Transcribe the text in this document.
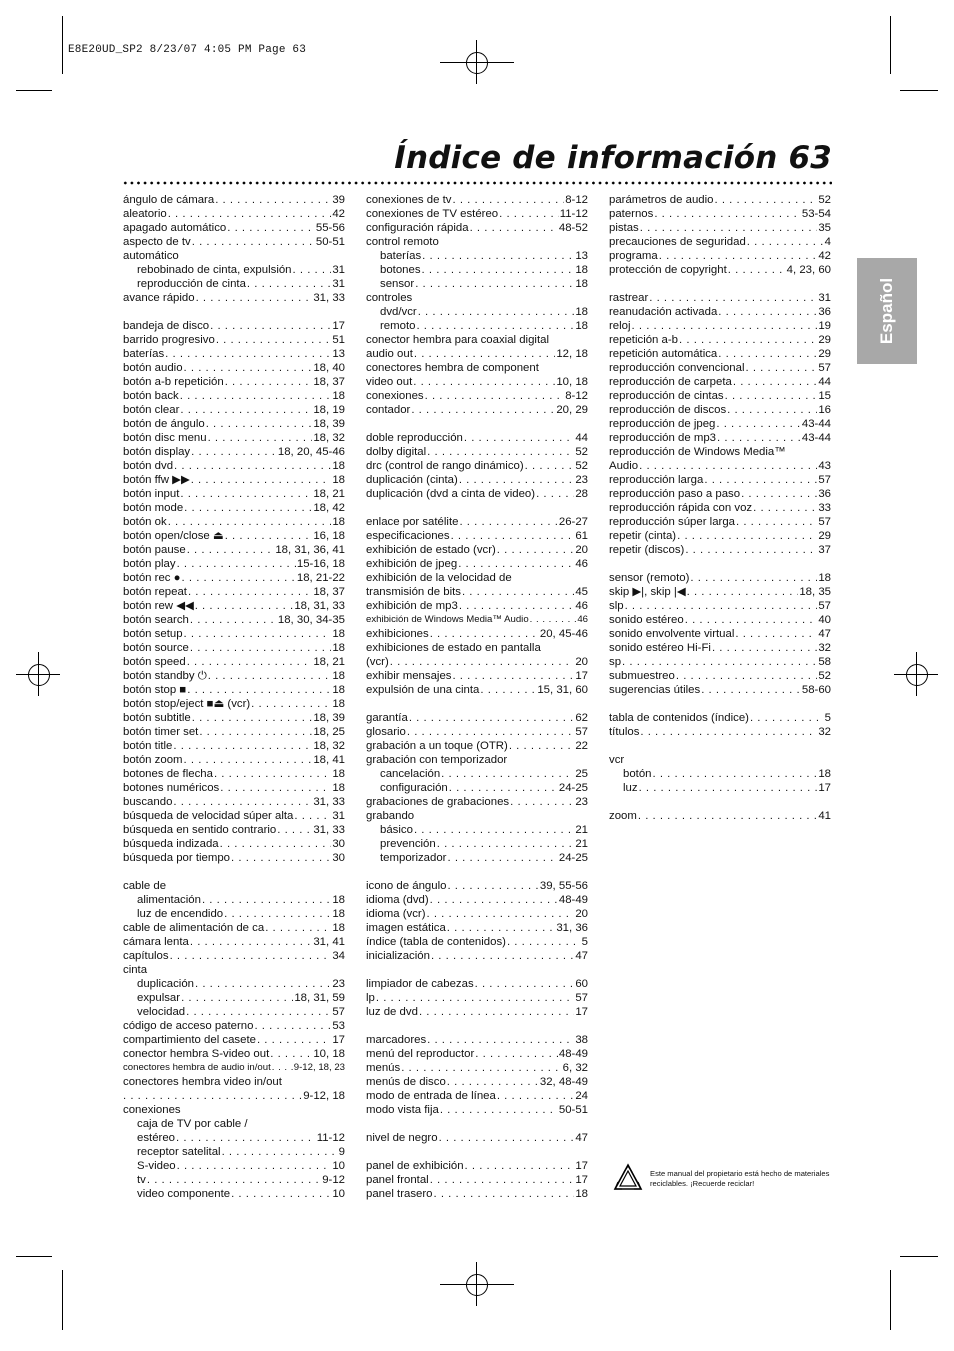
E8E20UD_SP2 8/23/07 4:05 PM Page 63
Índice de información 63
Español
ángulo de cámara . . .	39
aleatorio . . .	42
apagado automático . . .	55-56
aspecto de tv . . .	50-51
automático
rebobinado de cinta, expulsión . . .	31
reproducción de cinta . . .	31
avance rápido . . .	31, 33
bandeja de disco . . .	17
barrido progresivo . . .	51
baterías . . .	13
botón audio . . .	18, 40
botón a-b repetición . . .	18, 37
botón back . . .	18
botón clear . . .	18, 19
botón de ángulo . . .	18, 39
botón disc menu . . .	18, 32
botón display . . .	18, 20, 45-46
botón dvd . . .	18
botón ffw ▶▶ . . .	18
botón input . . .	18, 21
botón mode . . .	18, 42
botón ok . . .	18
botón open/close ⏏ . . .	16, 18
botón pause . . .	18, 31, 36, 41
botón play . . .	15-16, 18
botón rec ● . . .	18, 21-22
botón repeat . . .	18, 37
botón rew ◀◀ . . .	18, 31, 33
botón search . . .	18, 30, 34-35
botón setup . . .	18
botón source . . .	18
botón speed . . .	18, 21
botón standby ⏻ . . .	18
botón stop ■ . . .	18
botón stop/eject ■⏏ (vcr) . . .	18
botón subtitle . . .	18, 39
botón timer set . . .	18, 25
botón title . . .	18, 32
botón zoom . . .	18, 41
botones de flecha . . .	18
botones numéricos . . .	18
buscando . . .	31, 33
búsqueda de velocidad súper alta . . .	31
búsqueda en sentido contrario . . .	31, 33
búsqueda indizada . . .	30
búsqueda por tiempo . . .	30
cable de
alimentación . . .	18
luz de encendido . . .	18
cable de alimentación de ca . . .	18
cámara lenta . . .	31, 41
capítulos . . .	34
cinta
duplicación . . .	23
expulsar . . .	18, 31, 59
velocidad . . .	57
código de acceso paterno . . .	53
compartimiento del casete . . .	17
conector hembra S-video out . . .	10, 18
conectores hembra de audio in/out . . . 9-12, 18, 23
conectores hembra video in/out
. . .
9-12, 18
conexiones
caja de TV por cable /
estéreo . . .	11-12
receptor satelital . . .	9
S-video . . .	10
tv . . .	9-12
video componente . . .	10
conexiones de tv . . .	8-12
conexiones de TV estéreo . . .	11-12
configuración rápida . . .	48-52
control remoto
baterías . . .	13
botones . . .	18
sensor . . .	18
controles
dvd/vcr . . .	18
remoto . . .	18
conector hembra para coaxial digital
audio out . . .	12, 18
conectores hembra de component
video out . . .	10, 18
conexiones . . .	8-12
contador . . .	20, 29
doble reproducción . . .	44
dolby digital . . .	52
drc (control de rango dinámico) . . .	52
duplicación (cinta) . . .	23
duplicación (dvd a cinta de video) . . .	28
enlace por satélite . . .	26-27
especificaciones . . .	61
exhibición de estado (vcr) . . .	20
exhibición de jpeg . . .	46
exhibición de la velocidad de
transmisión de bits . . .	45
exhibición de mp3 . . .	46
exhibición de Windows Media™ Audio . . .	46
exhibiciones . . .	20, 45-46
exhibiciones de estado en pantalla
(vcr) . . .	20
exhibir mensajes . . .	17
expulsión de una cinta . . .	15, 31, 60
garantía . . .	62
glosario . . .	57
grabación a un toque (OTR) . . .	22
grabación con temporizador
cancelación . . .	25
configuración . . .	24-25
grabaciones de grabaciones . . .	23
grabando
básico . . .	21
prevención . . .	21
temporizador . . .	24-25
icono de ángulo . . .	39, 55-56
idioma (dvd) . . .	48-49
idioma (vcr) . . .	20
imagen estática . . .	31, 36
índice (tabla de contenidos) . . .	5
inicialización . . .	47
limpiador de cabezas . . .	60
lp . . .	57
luz de dvd . . .	17
marcadores . . .	38
menú del reproductor . . .	48-49
menús . . .	6, 32
menús de disco . . .	32, 48-49
modo de entrada de línea . . .	24
modo vista fija . . .	50-51
nivel de negro . . .	47
panel de exhibición . . .	17
panel frontal . . .	17
panel trasero . . .	18
parámetros de audio . . .	52
paternos . . .	53-54
pistas . . .	35
precauciones de seguridad . . .	4
programa . . .	42
protección de copyright . . .	4, 23, 60
rastrear . . .	31
reanudación activada . . .	36
reloj . . .	19
repetición a-b . . .	29
repetición automática . . .	29
reproducción convencional . . .	57
reproducción de carpeta . . .	44
reproducción de cintas . . .	15
reproducción de discos . . .	16
reproducción de jpeg . . .	43-44
reproducción de mp3 . . .	43-44
reproducción de Windows Media™
Audio . . .	43
reproducción larga . . .	57
reproducción paso a paso . . .	36
reproducción rápida con voz . . .	33
reproducción súper larga . . .	57
repetir (cinta) . . .	29
repetir (discos) . . .	37
sensor (remoto) . . .	18
skip ▶|, skip |◀ . . .	18, 35
slp . . .	57
sonido estéreo . . .	40
sonido envolvente virtual . . .	47
sonido estéreo Hi-Fi . . .	32
sp . . .	58
submuestreo . . .	52
sugerencias útiles . . .	58-60
tabla de contenidos (índice) . . .	5
títulos . . .	32
vcr
botón . . .	18
luz . . .	17
zoom . . .	41
Este manual del propietario está hecho de materiales reciclables. ¡Recuerde reciclar!
